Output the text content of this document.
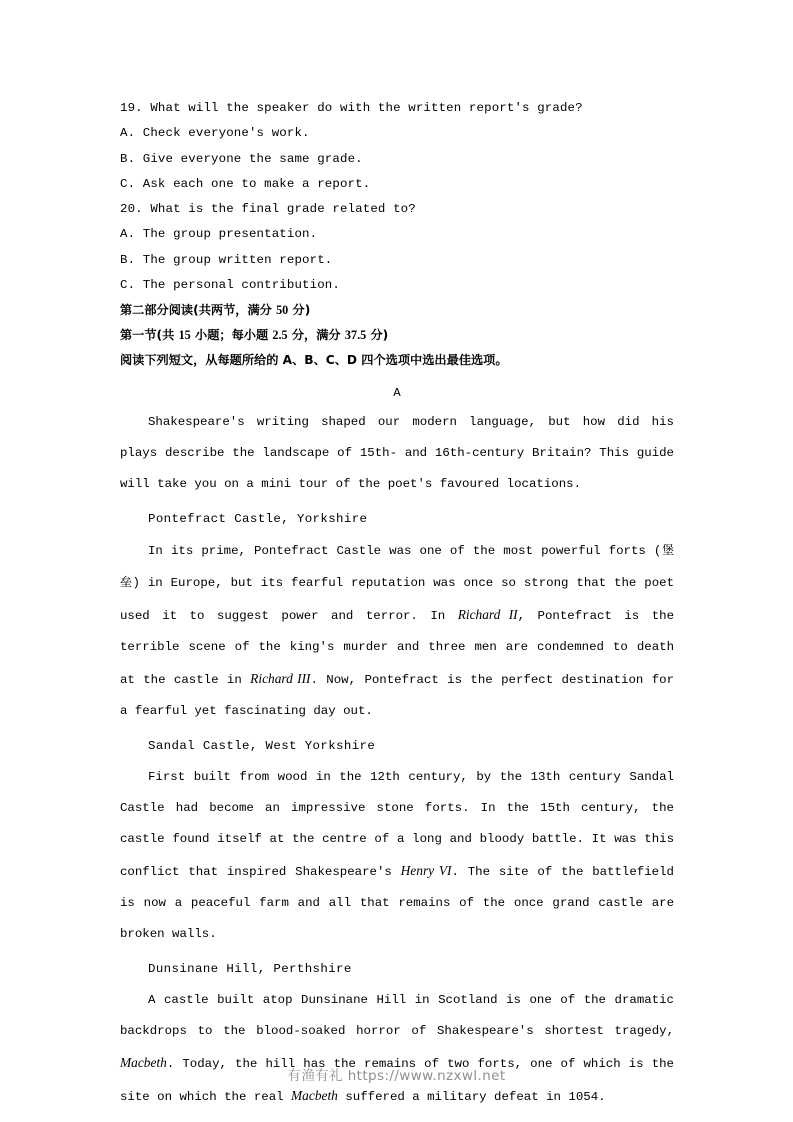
19. What will the speaker do with the written report's grade?
A. Check everyone's work.
B. Give everyone the same grade.
C. Ask each one to make a report.
20. What is the final grade related to?
A. The group presentation.
B. The group written report.
C. The personal contribution.
第二部分阅读(共两节，满分 50 分)
第一节(共 15 小题；每小题 2.5 分，满分 37.5 分)
阅读下列短文，从每题所给的 A、B、C、D 四个选项中选出最佳选项。
A

Shakespeare's writing shaped our modern language, but how did his plays describe the landscape of 15th- and 16th-century Britain? This guide will take you on a mini tour of the poet's favoured locations.

Pontefract Castle, Yorkshire

In its prime, Pontefract Castle was one of the most powerful forts (堡垒) in Europe, but its fearful reputation was once so strong that the poet used it to suggest power and terror. In Richard II, Pontefract is the terrible scene of the king's murder and three men are condemned to death at the castle in Richard III. Now, Pontefract is the perfect destination for a fearful yet fascinating day out.

Sandal Castle, West Yorkshire

First built from wood in the 12th century, by the 13th century Sandal Castle had become an impressive stone forts. In the 15th century, the castle found itself at the centre of a long and bloody battle. It was this conflict that inspired Shakespeare's Henry VI. The site of the battlefield is now a peaceful farm and all that remains of the once grand castle are broken walls.

Dunsinane Hill, Perthshire

A castle built atop Dunsinane Hill in Scotland is one of the dramatic backdrops to the blood-soaked horror of Shakespeare's shortest tragedy, Macbeth. Today, the hill has the remains of two forts, one of which is the site on which the real Macbeth suffered a military defeat in 1054.

有渔有礼 https://www.nzxwl.net
